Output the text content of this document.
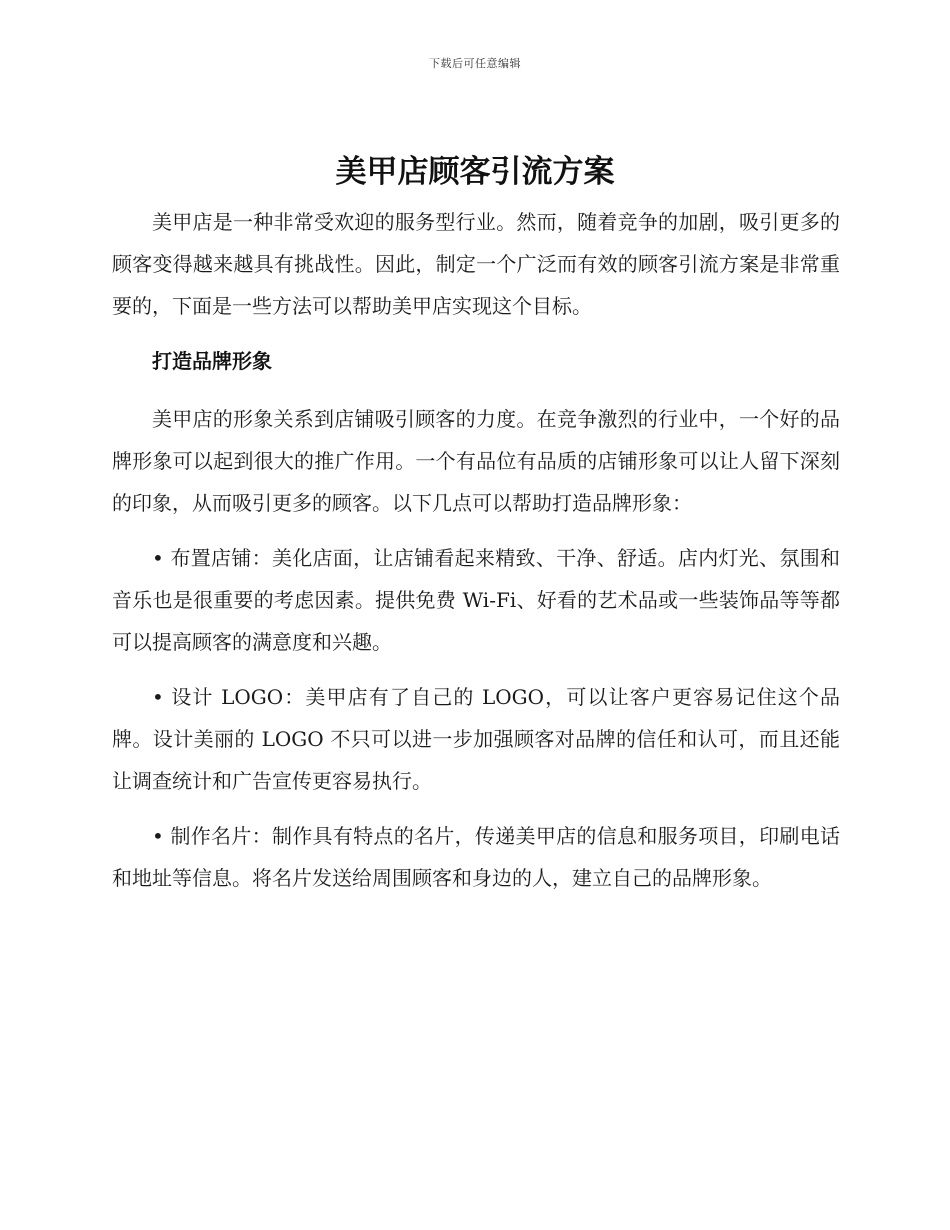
下载后可任意编辑
美甲店顾客引流方案

美甲店是一种非常受欢迎的服务型行业。然而，随着竞争的加剧，吸引更多的顾客变得越来越具有挑战性。因此，制定一个广泛而有效的顾客引流方案是非常重要的，下面是一些方法可以帮助美甲店实现这个目标。

打造品牌形象

美甲店的形象关系到店铺吸引顾客的力度。在竞争激烈的行业中，一个好的品牌形象可以起到很大的推广作用。一个有品位有品质的店铺形象可以让人留下深刻的印象，从而吸引更多的顾客。以下几点可以帮助打造品牌形象：

• 布置店铺：美化店面，让店铺看起来精致、干净、舒适。店内灯光、氛围和音乐也是很重要的考虑因素。提供免费 Wi-Fi、好看的艺术品或一些装饰品等等都可以提高顾客的满意度和兴趣。

• 设计 LOGO：美甲店有了自己的 LOGO，可以让客户更容易记住这个品牌。设计美丽的 LOGO 不只可以进一步加强顾客对品牌的信任和认可，而且还能让调查统计和广告宣传更容易执行。

• 制作名片：制作具有特点的名片，传递美甲店的信息和服务项目，印刷电话和地址等信息。将名片发送给周围顾客和身边的人，建立自己的品牌形象。
